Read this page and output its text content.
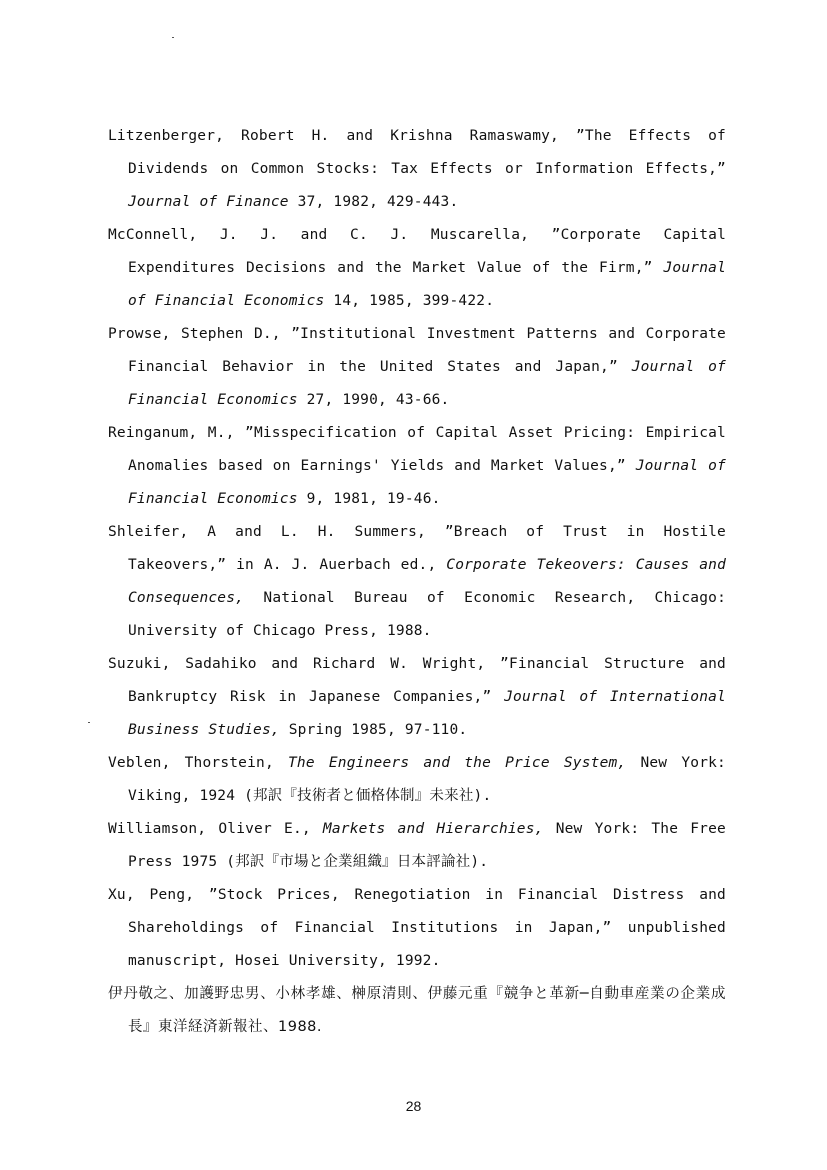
Litzenberger, Robert H. and Krishna Ramaswamy, ”The Effects of Dividends on Common Stocks: Tax Effects or Information Effects,” Journal of Finance 37, 1982, 429-443.

McConnell, J. J. and C. J. Muscarella, ”Corporate Capital Expenditures Decisions and the Market Value of the Firm,” Journal of Financial Economics 14, 1985, 399-422.

Prowse, Stephen D., ”Institutional Investment Patterns and Corporate Financial Behavior in the United States and Japan,” Journal of Financial Economics 27, 1990, 43-66.

Reinganum, M., ”Misspecification of Capital Asset Pricing: Empirical Anomalies based on Earnings' Yields and Market Values,” Journal of Financial Economics 9, 1981, 19-46.

Shleifer, A and L. H. Summers, ”Breach of Trust in Hostile Takeovers,” in A. J. Auerbach ed., Corporate Tekeovers: Causes and Consequences, National Bureau of Economic Research, Chicago: University of Chicago Press, 1988.

Suzuki, Sadahiko and Richard W. Wright, ”Financial Structure and Bankruptcy Risk in Japanese Companies,” Journal of International Business Studies, Spring 1985, 97-110.

Veblen, Thorstein, The Engineers and the Price System, New York: Viking, 1924 (邦訳『技術者と価格体制』未来社).

Williamson, Oliver E., Markets and Hierarchies, New York: The Free Press 1975 (邦訳『市場と企業組織』日本評論社).

Xu, Peng, ”Stock Prices, Renegotiation in Financial Distress and Shareholdings of Financial Institutions in Japan,” unpublished manuscript, Hosei University, 1992.

伊丹敬之、加護野忠男、小林孝雄、榊原清則、伊藤元重『競争と革新─自動車産業の企業成長』東洋経済新報社、1988.

28
